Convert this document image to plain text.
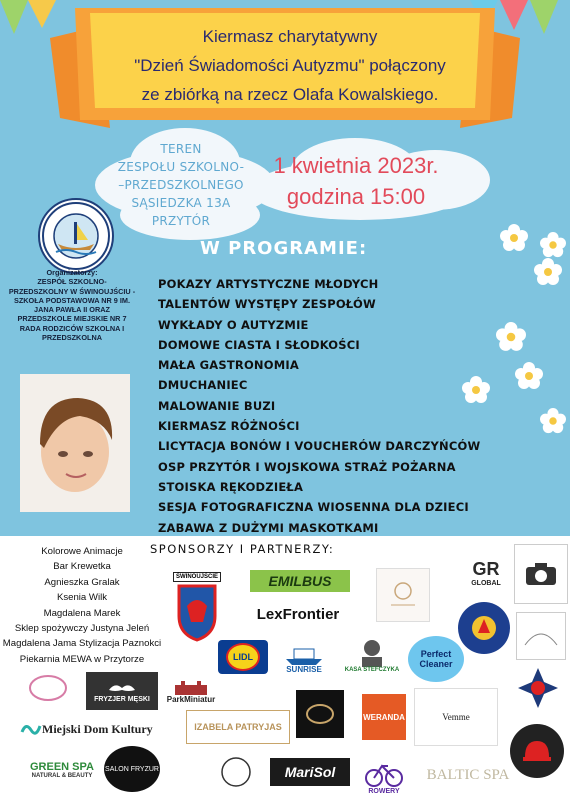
Kiermasz charytatywny
"Dzień Świadomości Autyzmu" połączony
ze zbiórką na rzecz Olafa Kowalskiego.
TEREN
ZESPOŁU SZKOLNO-
–PRZEDSZKOLNEGO
SĄSIEDZKA 13A
PRZYTÓR
1 kwietnia 2023r.
godzina 15:00
Organizatorzy:
ZESPÓŁ SZKOLNO-PRZEDSZKOLNY W ŚWINOUJŚCIU - SZKOŁA PODSTAWOWA NR 9 IM. JANA PAWŁA II ORAZ PRZEDSZKOLE MIEJSKIE NR 7 RADA RODZICÓW SZKOLNA I PRZEDSZKOLNA
W PROGRAMIE:
POKAZY ARTYSTYCZNE MŁODYCH
TALENTÓW WYSTĘPY ZESPOŁÓW
WYKŁADY O AUTYZMIE
DOMOWE CIASTA I SŁODKOŚCI
MAŁA GASTRONOMIA
DMUCHANIEC
MALOWANIE BUZI
KIERMASZ RÓŻNOŚCI
LICYTACJA BONÓW I VOUCHERÓW DARCZYŃCÓW
OSP PRZYTÓR I WOJSKOWA STRAŻ POŻARNA
STOISKA RĘKODZIEŁA
SESJA FOTOGRAFICZNA WIOSENNA DLA DZIECI
ZABAWA Z DUŻYMI MASKOTKAMI
SPONSORZY I PARTNERZY:
Kolorowe Animacje
Bar Krewetka
Agnieszka Gralak
Ksenia Wilk
Magdalena Marek
Sklep spożywczy Justyna Jeleń
Magdalena Jama Stylizacja Paznokci
Piekarnia MEWA w Przytorze
ŚWINOUJŚCIE	EMILBUS
LexFrontier
GR
GLOBAL
LIDL
SUNRISE	KASA STEFCZYKA
Perfect Cleaner
FRYZJER MĘSKI ParkMiniatur
Miejski Dom Kultury	IZABELA PATRYJAS
WERANDA	Vemme
GREEN SPA
NATURAL & BEAUTY
SALON FRYZUR	MariSol
ROWERY
BALTIC SPA
